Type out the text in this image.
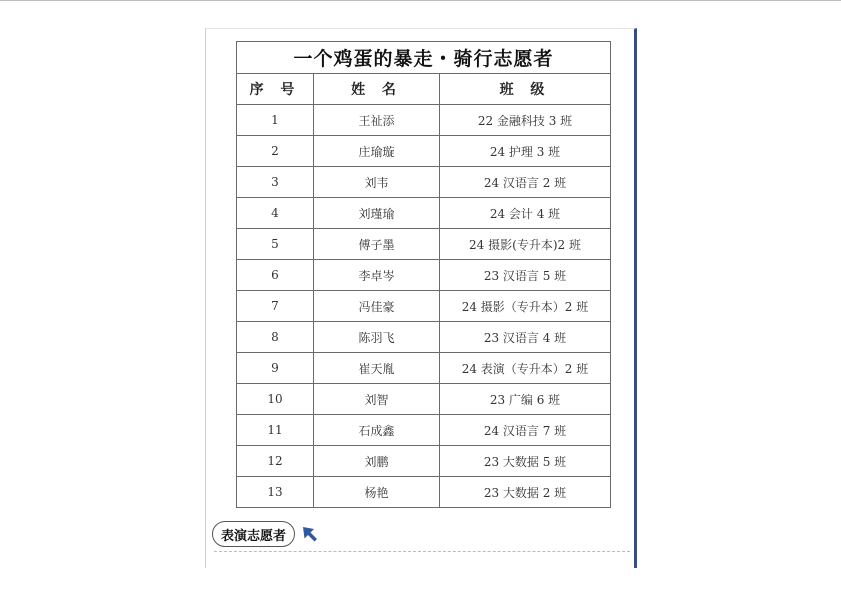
一个鸡蛋的暴走・骑行志愿者		
序 号	姓 名	班 级
1	王祉添	22 金融科技 3 班
2	庄瑜璇	24 护理 3 班
3	刘韦	24 汉语言 2 班
4	刘瑾瑜	24 会计 4 班
5	傅子墨	24 摄影(专升本)2 班
6	李卓岑	23 汉语言 5 班
7	冯佳豪	24 摄影（专升本）2 班
8	陈羽飞	23 汉语言 4 班
9	崔天胤	24 表演（专升本）2 班
10	刘智	23 广编 6 班
11	石成鑫	24 汉语言 7 班
12	刘鹏	23 大数据 5 班
13	杨艳	23 大数据 2 班
表演志愿者
